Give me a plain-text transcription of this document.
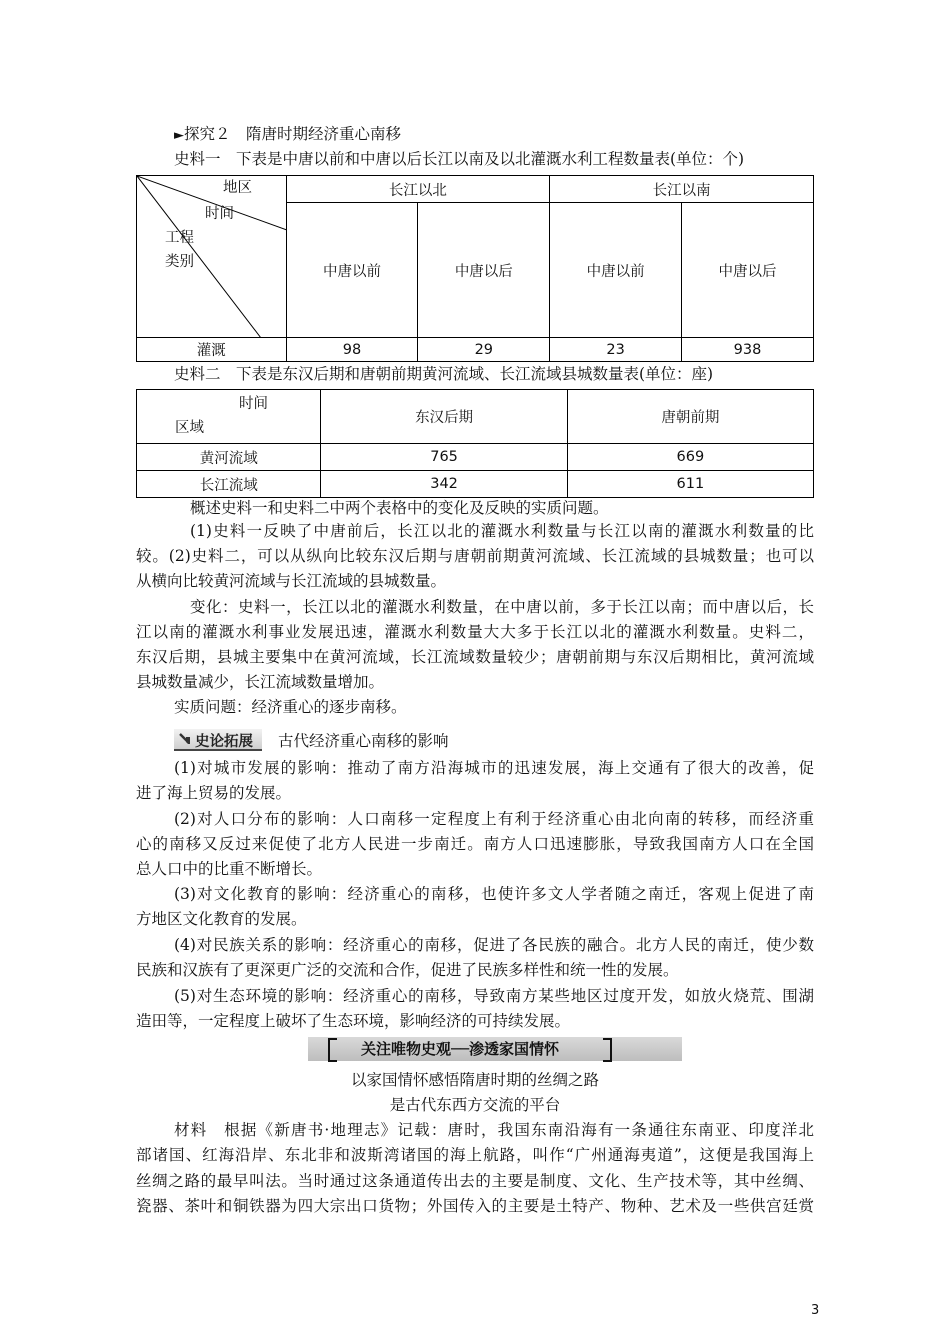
►探究２　隋唐时期经济重心南移
史料一　下表是中唐以前和中唐以后长江以南及以北灌溉水利工程数量表(单位：个)
地区
时间
工程
类别	长江以北		长江以南	
	中唐以前	中唐以后	中唐以前	中唐以后
灌溉	98	29	23	938
史料二　下表是东汉后期和唐朝前期黄河流域、长江流域县城数量表(单位：座)
时间
区域	东汉后期	唐朝前期
黄河流域	765	669
长江流域	342	611
概述史料一和史料二中两个表格中的变化及反映的实质问题。
(1)史料一反映了中唐前后，长江以北的灌溉水利数量与长江以南的灌溉水利数量的比
较。(2)史料二，可以从纵向比较东汉后期与唐朝前期黄河流域、长江流域的县城数量；也可以
从横向比较黄河流域与长江流域的县城数量。
变化：史料一，长江以北的灌溉水利数量，在中唐以前，多于长江以南；而中唐以后，长
江以南的灌溉水利事业发展迅速，灌溉水利数量大大多于长江以北的灌溉水利数量。史料二，
东汉后期，县城主要集中在黄河流域，长江流域数量较少；唐朝前期与东汉后期相比，黄河流域
县城数量减少，长江流域数量增加。
实质问题：经济重心的逐步南移。
史论拓展 古代经济重心南移的影响
(1)对城市发展的影响：推动了南方沿海城市的迅速发展，海上交通有了很大的改善，促
进了海上贸易的发展。
(2)对人口分布的影响：人口南移一定程度上有利于经济重心由北向南的转移，而经济重
心的南移又反过来促使了北方人民进一步南迁。南方人口迅速膨胀，导致我国南方人口在全国
总人口中的比重不断增长。
(3)对文化教育的影响：经济重心的南移，也使许多文人学者随之南迁，客观上促进了南
方地区文化教育的发展。
(4)对民族关系的影响：经济重心的南移，促进了各民族的融合。北方人民的南迁，使少数
民族和汉族有了更深更广泛的交流和合作，促进了民族多样性和统一性的发展。
(5)对生态环境的影响：经济重心的南移，导致南方某些地区过度开发，如放火烧荒、围湖
造田等，一定程度上破坏了生态环境，影响经济的可持续发展。
关注唯物史观──渗透家国情怀
以家国情怀感悟隋唐时期的丝绸之路
是古代东西方交流的平台
材料　根据《新唐书·地理志》记载：唐时，我国东南沿海有一条通往东南亚、印度洋北
部诸国、红海沿岸、东北非和波斯湾诸国的海上航路，叫作“广州通海夷道”，这便是我国海上
丝绸之路的最早叫法。当时通过这条通道传出去的主要是制度、文化、生产技术等，其中丝绸、
瓷器、茶叶和铜铁器为四大宗出口货物；外国传入的主要是土特产、物种、艺术及一些供宫廷赏
3
